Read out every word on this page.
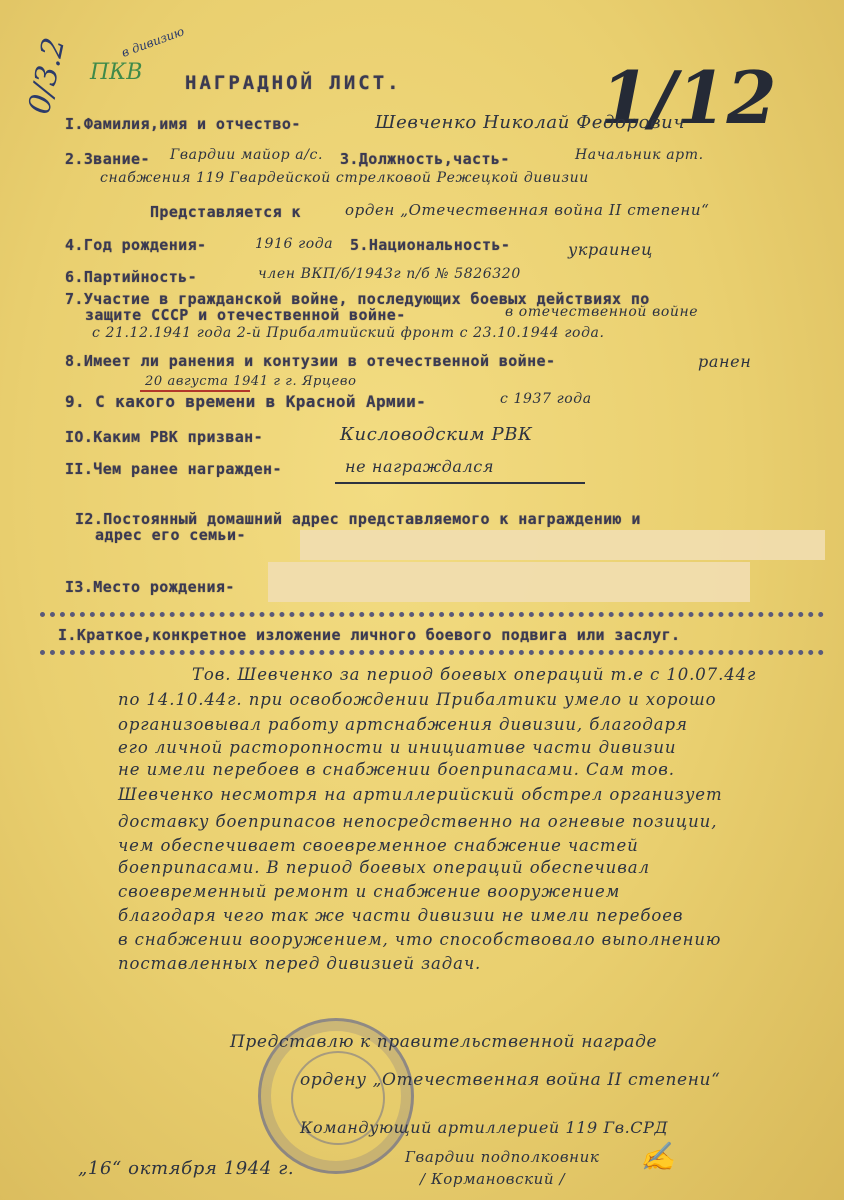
0/3.2 ПКВ
в дивизию
1/12
НАГРАДНОЙ ЛИСТ.
I.Фамилия,имя и отчество-	Шевченко Николай Федорович
2.Звание- Гвардии майор а/с. 3.Должность,часть-	Начальник арт.
снабжения 119 Гвардейской стрелковой Режецкой дивизии
Представляется к	орден „Отечественная война II степени“
4.Год рождения-	1916 года 5.Национальность-	украинец
6.Партийность-	член ВКП/б/1943г п/б № 5826320
7.Участие в гражданской войне, последующих боевых действиях по
защите СССР и отечественной войне-	в отечественной войне
с 21.12.1941 года 2-й Прибалтийский фронт с 23.10.1944 года.
8.Имеет ли ранения и контузии в отечественной войне-	ранен
20 августа 1941 г г. Ярцево
9. С какого времени в Красной Армии-	с 1937 года
IO.Каким РВК призван-	Кисловодским РВК
II.Чем ранее награжден-	не награждался
I2.Постоянный домашний адрес представляемого к награждению и
адрес его семьи-
I3.Место рождения-
I.Краткое,конкретное изложение личного боевого подвига или заслуг.
Тов. Шевченко за период боевых операций т.е с 10.07.44г
по 14.10.44г. при освобождении Прибалтики умело и хорошо
организовывал работу артснабжения дивизии, благодаря
его личной расторопности и инициативе части дивизии
не имели перебоев в снабжении боеприпасами. Сам тов.
Шевченко несмотря на артиллерийский обстрел организует
доставку боеприпасов непосредственно на огневые позиции,
чем обеспечивает своевременное снабжение частей
боеприпасами. В период боевых операций обеспечивал
своевременный ремонт и снабжение вооружением
благодаря чего так же части дивизии не имели перебоев
в снабжении вооружением, что способствовало выполнению
поставленных перед дивизией задач.
Представлю к правительственной награде
ордену „Отечественная война II степени“
Командующий артиллерией 119 Гв.СРД
„16“ октября 1944 г.
Гвардии подполковник
/ Кормановский /
✍
